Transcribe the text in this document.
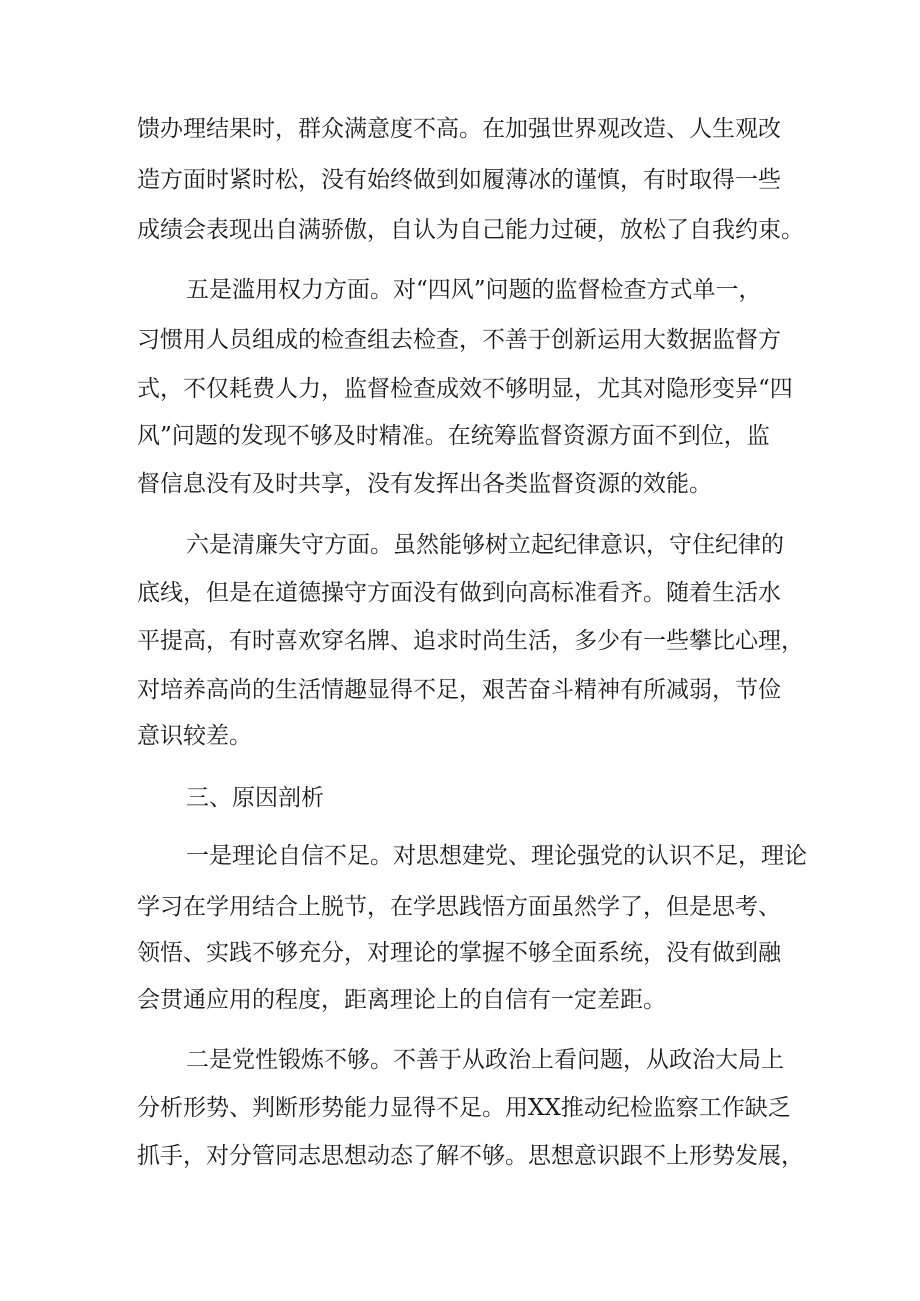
馈办理结果时，群众满意度不高。在加强世界观改造、人生观改
造方面时紧时松，没有始终做到如履薄冰的谨慎，有时取得一些
成绩会表现出自满骄傲，自认为自己能力过硬，放松了自我约束。
五是滥用权力方面。对“四风”问题的监督检查方式单一，
习惯用人员组成的检查组去检查，不善于创新运用大数据监督方
式，不仅耗费人力，监督检查成效不够明显，尤其对隐形变异“四
风”问题的发现不够及时精准。在统筹监督资源方面不到位，监
督信息没有及时共享，没有发挥出各类监督资源的效能。
六是清廉失守方面。虽然能够树立起纪律意识，守住纪律的
底线，但是在道德操守方面没有做到向高标准看齐。随着生活水
平提高，有时喜欢穿名牌、追求时尚生活，多少有一些攀比心理，
对培养高尚的生活情趣显得不足，艰苦奋斗精神有所减弱，节俭
意识较差。
三、原因剖析
一是理论自信不足。对思想建党、理论强党的认识不足，理论
学习在学用结合上脱节，在学思践悟方面虽然学了，但是思考、
领悟、实践不够充分，对理论的掌握不够全面系统，没有做到融
会贯通应用的程度，距离理论上的自信有一定差距。
二是党性锻炼不够。不善于从政治上看问题，从政治大局上
分析形势、判断形势能力显得不足。用XX推动纪检监察工作缺乏
抓手，对分管同志思想动态了解不够。思想意识跟不上形势发展，
